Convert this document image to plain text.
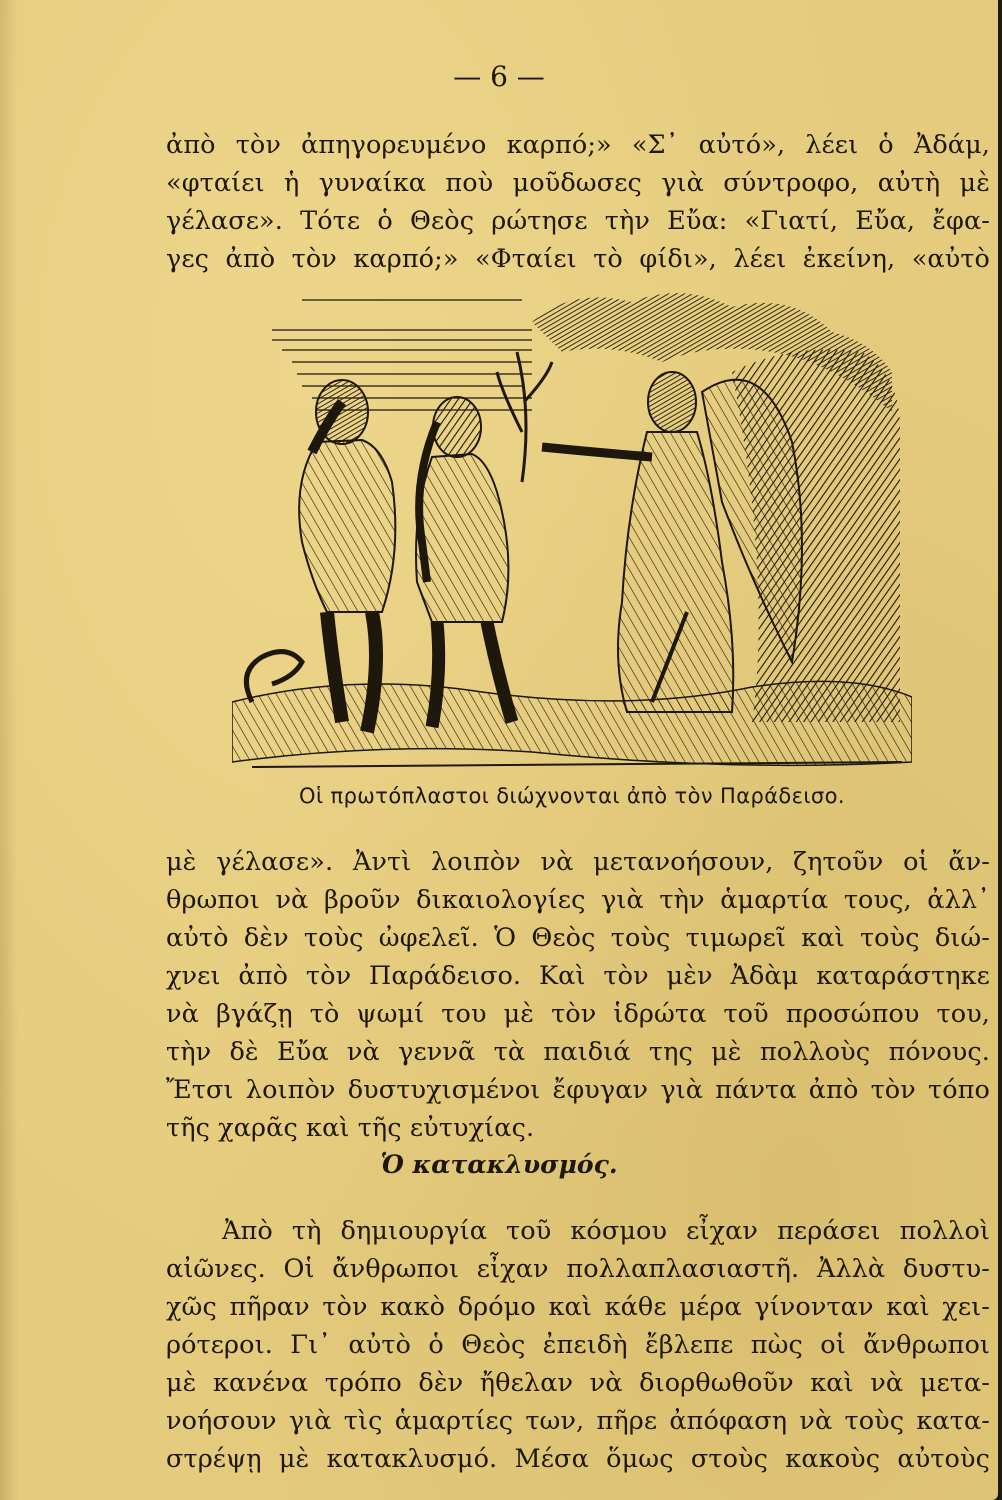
— 6 —
ἀπὸ τὸν ἀπηγορευμένο καρπό;» «Σ᾿ αὐτό», λέει ὁ Ἀδάμ,
«φταίει ἡ γυναίκα ποὺ μοῦδωσες γιὰ σύντροφο, αὐτὴ μὲ
γέλασε». Τότε ὁ Θεὸς ρώτησε τὴν Εὔα: «Γιατί, Εὔα, ἔφα-
γες ἀπὸ τὸν καρπό;» «Φταίει τὸ φίδι», λέει ἐκείνη, «αὐτὸ
Οἱ πρωτόπλαστοι διώχνονται ἀπὸ τὸν Παράδεισο.
μὲ γέλασε». Ἀντὶ λοιπὸν νὰ μετανοήσουν, ζητοῦν οἱ ἄν-
θρωποι νὰ βροῦν δικαιολογίες γιὰ τὴν ἁμαρτία τους, ἀλλ᾿
αὐτὸ δὲν τοὺς ὠφελεῖ. Ὁ Θεὸς τοὺς τιμωρεῖ καὶ τοὺς διώ-
χνει ἀπὸ τὸν Παράδεισο. Καὶ τὸν μὲν Ἀδὰμ καταράστηκε
νὰ βγάζῃ τὸ ψωμί του μὲ τὸν ἱδρώτα τοῦ προσώπου του,
τὴν δὲ Εὔα νὰ γεννᾶ τὰ παιδιά της μὲ πολλοὺς πόνους.
Ἔτσι λοιπὸν δυστυχισμένοι ἔφυγαν γιὰ πάντα ἀπὸ τὸν τόπο
τῆς χαρᾶς καὶ τῆς εὐτυχίας.
Ὁ κατακλυσμός.
Ἀπὸ τὴ δημιουργία τοῦ κόσμου εἶχαν περάσει πολλοὶ
αἰῶνες. Οἱ ἄνθρωποι εἶχαν πολλαπλασιαστῆ. Ἀλλὰ δυστυ-
χῶς πῆραν τὸν κακὸ δρόμο καὶ κάθε μέρα γίνονταν καὶ χει-
ρότεροι. Γι᾿ αὐτὸ ὁ Θεὸς ἐπειδὴ ἔβλεπε πὼς οἱ ἄνθρωποι
μὲ κανένα τρόπο δὲν ἤθελαν νὰ διορθωθοῦν καὶ νὰ μετα-
νοήσουν γιὰ τὶς ἁμαρτίες των, πῆρε ἀπόφαση νὰ τοὺς κατα-
στρέψῃ μὲ κατακλυσμό. Μέσα ὅμως στοὺς κακοὺς αὐτοὺς
